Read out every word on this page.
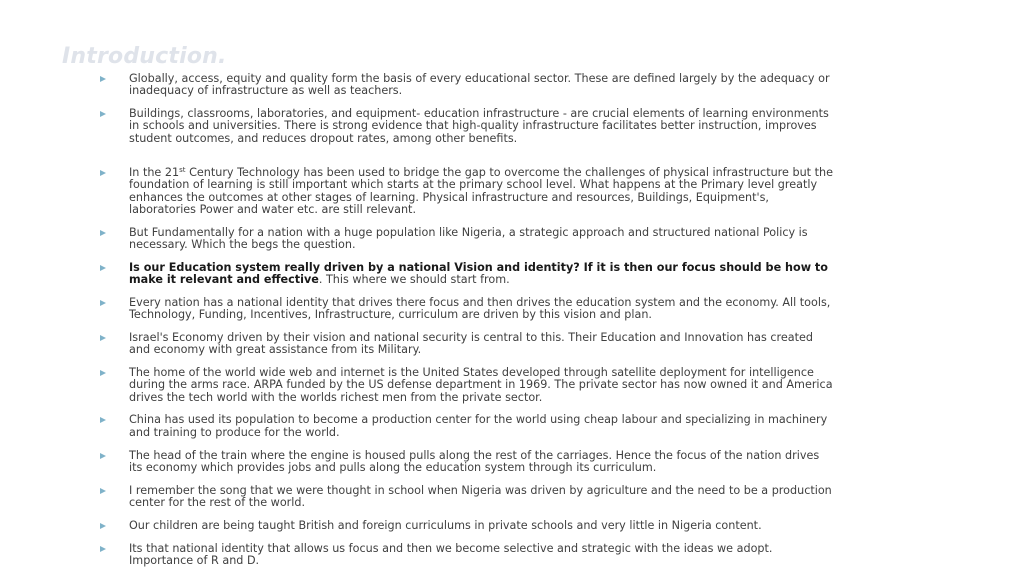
Introduction.
Globally, access, equity and quality form the basis of every educational sector. These are defined largely by the adequacy or inadequacy of infrastructure as well as teachers.
Buildings, classrooms, laboratories, and equipment- education infrastructure - are crucial elements of learning environments in schools and universities. There is strong evidence that high-quality infrastructure facilitates better instruction, improves student outcomes, and reduces dropout rates, among other benefits.
In the 21st Century Technology has been used to bridge the gap to overcome the challenges of physical infrastructure but the foundation of learning is still important which starts at the primary school level. What happens at the Primary level greatly enhances the outcomes at other stages of learning. Physical infrastructure and resources, Buildings, Equipment's, laboratories Power and water etc. are still relevant.
But Fundamentally for a nation with a huge population like Nigeria, a strategic approach and structured national Policy is necessary. Which the begs the question.
Is our Education system really driven by a national Vision and identity? If it is then our focus should be how to make it relevant and effective. This where we should start from.
Every nation has a national identity that drives there focus and then drives the education system and the economy. All tools, Technology, Funding, Incentives, Infrastructure, curriculum are driven by this vision and plan.
Israel's Economy driven by their vision and national security is central to this. Their Education and Innovation has created and economy with great assistance from its Military.
The home of the world wide web and internet is the United States developed through satellite deployment for intelligence during the arms race. ARPA funded by the US defense department in 1969. The private sector has now owned it and America drives the tech world with the worlds richest men from the private sector.
China has used its population to become a production center for the world using cheap labour and specializing in machinery and training to produce for the world.
The head of the train where the engine is housed pulls along the rest of the carriages. Hence the focus of the nation drives its economy which provides jobs and pulls along the education system through its curriculum.
I remember the song that we were thought in school when Nigeria was driven by agriculture and the need to be a production center for the rest of the world.
Our children are being taught British and foreign curriculums in private schools and very little in Nigeria content.
Its that national identity that allows us focus and then we become selective and strategic with the ideas we adopt. Importance of R and D.
